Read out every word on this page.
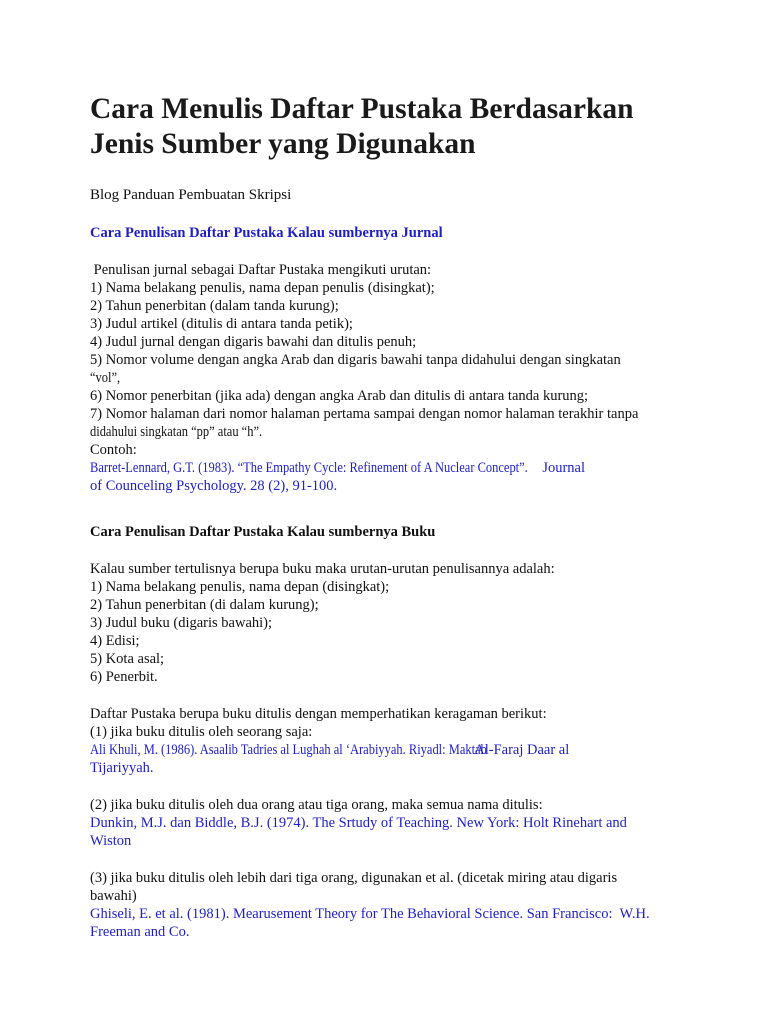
Cara Menulis Daftar Pustaka Berdasarkan
Jenis Sumber yang Digunakan
Blog Panduan Pembuatan Skripsi
Cara Penulisan Daftar Pustaka Kalau sumbernya Jurnal
Penulisan jurnal sebagai Daftar Pustaka mengikuti urutan:
1) Nama belakang penulis, nama depan penulis (disingkat);
2) Tahun penerbitan (dalam tanda kurung);
3) Judul artikel (ditulis di antara tanda petik);
4) Judul jurnal dengan digaris bawahi dan ditulis penuh;
5) Nomor volume dengan angka Arab dan digaris bawahi tanpa didahului dengan singkatan
“vol”,
6) Nomor penerbitan (jika ada) dengan angka Arab dan ditulis di antara tanda kurung;
7) Nomor halaman dari nomor halaman pertama sampai dengan nomor halaman terakhir tanpa
didahului singkatan “pp” atau “h”.
Contoh:
Barret-Lennard, G.T. (1983). “The Empathy Cycle: Refinement of A Nuclear Concept”.  Journal
of Counceling Psychology. 28 (2), 91-100.
Cara Penulisan Daftar Pustaka Kalau sumbernya Buku
Kalau sumber tertulisnya berupa buku maka urutan-urutan penulisannya adalah:
1) Nama belakang penulis, nama depan (disingkat);
2) Tahun penerbitan (di dalam kurung);
3) Judul buku (digaris bawahi);
4) Edisi;
5) Kota asal;
6) Penerbit.
Daftar Pustaka berupa buku ditulis dengan memperhatikan keragaman berikut:
(1) jika buku ditulis oleh seorang saja:
Ali Khuli, M. (1986). Asaalib Tadries al Lughah al ‘Arabiyyah. Riyadl: Maktab Al-Faraj Daar al
Tijariyyah.
(2) jika buku ditulis oleh dua orang atau tiga orang, maka semua nama ditulis:
Dunkin, M.J. dan Biddle, B.J. (1974). The Srtudy of Teaching. New York: Holt Rinehart and
Wiston
(3) jika buku ditulis oleh lebih dari tiga orang, digunakan et al. (dicetak miring atau digaris
bawahi)
Ghiseli, E. et al. (1981). Mearusement Theory for The Behavioral Science. San Francisco:  W.H.
Freeman and Co.
